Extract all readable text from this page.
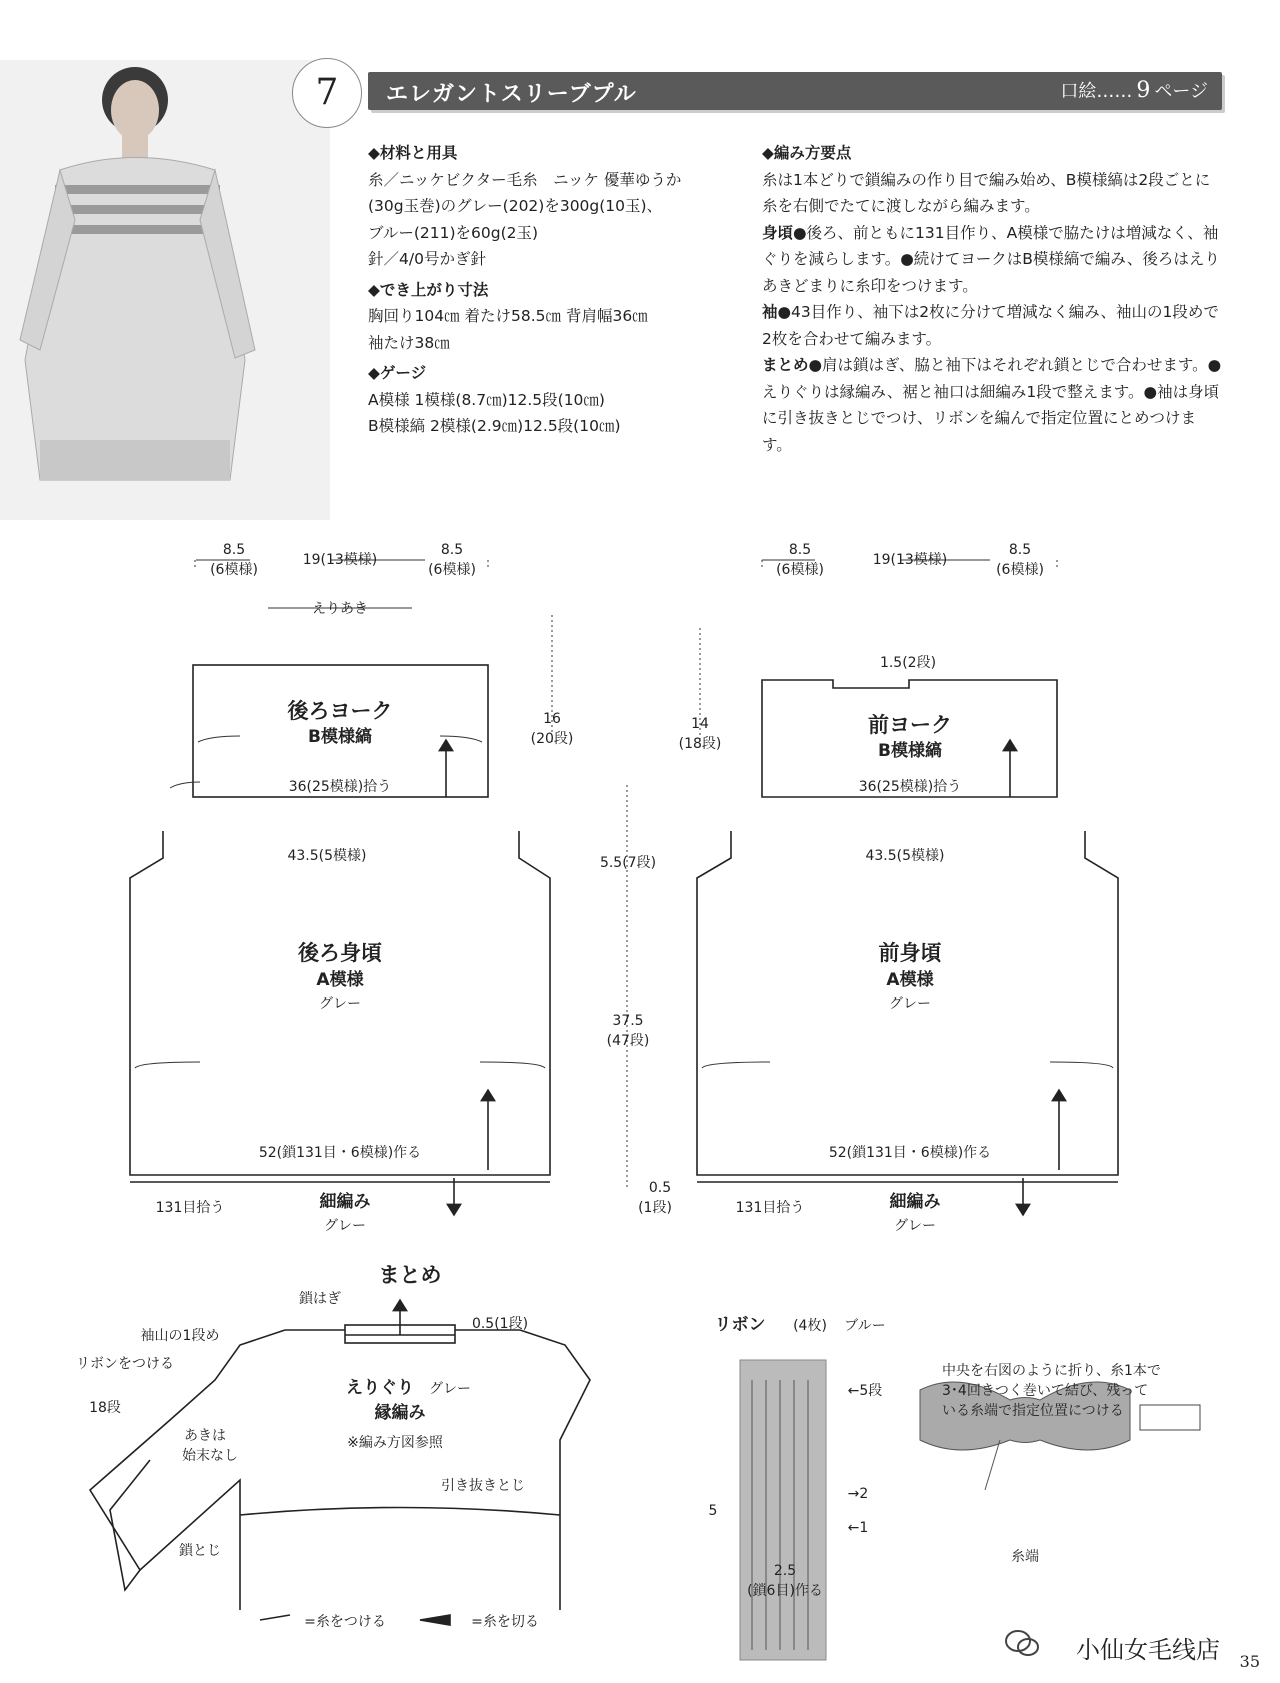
7	エレガントスリーブプル	口絵…… 9 ページ
◆材料と用具

糸／ニッケビクター毛糸　ニッケ 優華ゆうか

(30g玉巻)のグレー(202)を300g(10玉)、

ブルー(211)を60g(2玉)

針／4/0号かぎ針

◆でき上がり寸法

胸回り104㎝ 着たけ58.5㎝ 背肩幅36㎝

袖たけ38㎝

◆ゲージ

A模様 1模様(8.7㎝)12.5段(10㎝)

B模様縞 2模様(2.9㎝)12.5段(10㎝)

◆編み方要点

糸は1本どりで鎖編みの作り目で編み始め、B模様縞は2段ごとに糸を右側でたてに渡しながら編みます。

身頃●後ろ、前ともに131目作り、A模様で脇たけは増減なく、袖ぐりを減らします。●続けてヨークはB模様縞で編み、後ろはえりあきどまりに糸印をつけます。

袖●43目作り、袖下は2枚に分けて増減なく編み、袖山の1段めで2枚を合わせて編みます。

まとめ●肩は鎖はぎ、脇と袖下はそれぞれ鎖とじで合わせます。●えりぐりは縁編み、裾と袖口は細編み1段で整えます。●袖は身頃に引き抜きとじでつけ、リボンを編んで指定位置にとめつけます。

8.5
(6模様)
19(13模様)
8.5
(6模様)
えりあき
後ろヨーク
B模様縞
36(25模様)拾う
16
(20段)
43.5(5模様)
後ろ身頃
A模様
グレー
52(鎖131目・6模様)作る
131目拾う	細編み
グレー
5.5(7段)
37.5
(47段)
0.5
(1段)
8.5
(6模様)
19(13模様)
8.5
(6模様)
1.5(2段)
14
(18段)
前ヨーク
B模様縞
36(25模様)拾う
43.5(5模様)
前身頃
A模様
グレー
52(鎖131目・6模様)作る
131目拾う	細編み
グレー
まとめ
鎖はぎ
袖山の1段め
リボンをつける
18段
あきは
始末なし
鎖とじ
0.5(1段)
えりぐり グレー
縁編み
※編み方図参照
引き抜きとじ
=糸をつける	=糸を切る
リボン (4枚) ブルー
←5段
→2
←1
5
2.5
(鎖6目)作る
中央を右図のように折り、糸1本で
3･4回きつく巻いて結び、残って
いる糸端で指定位置につける
糸端
小仙女毛线店 35
